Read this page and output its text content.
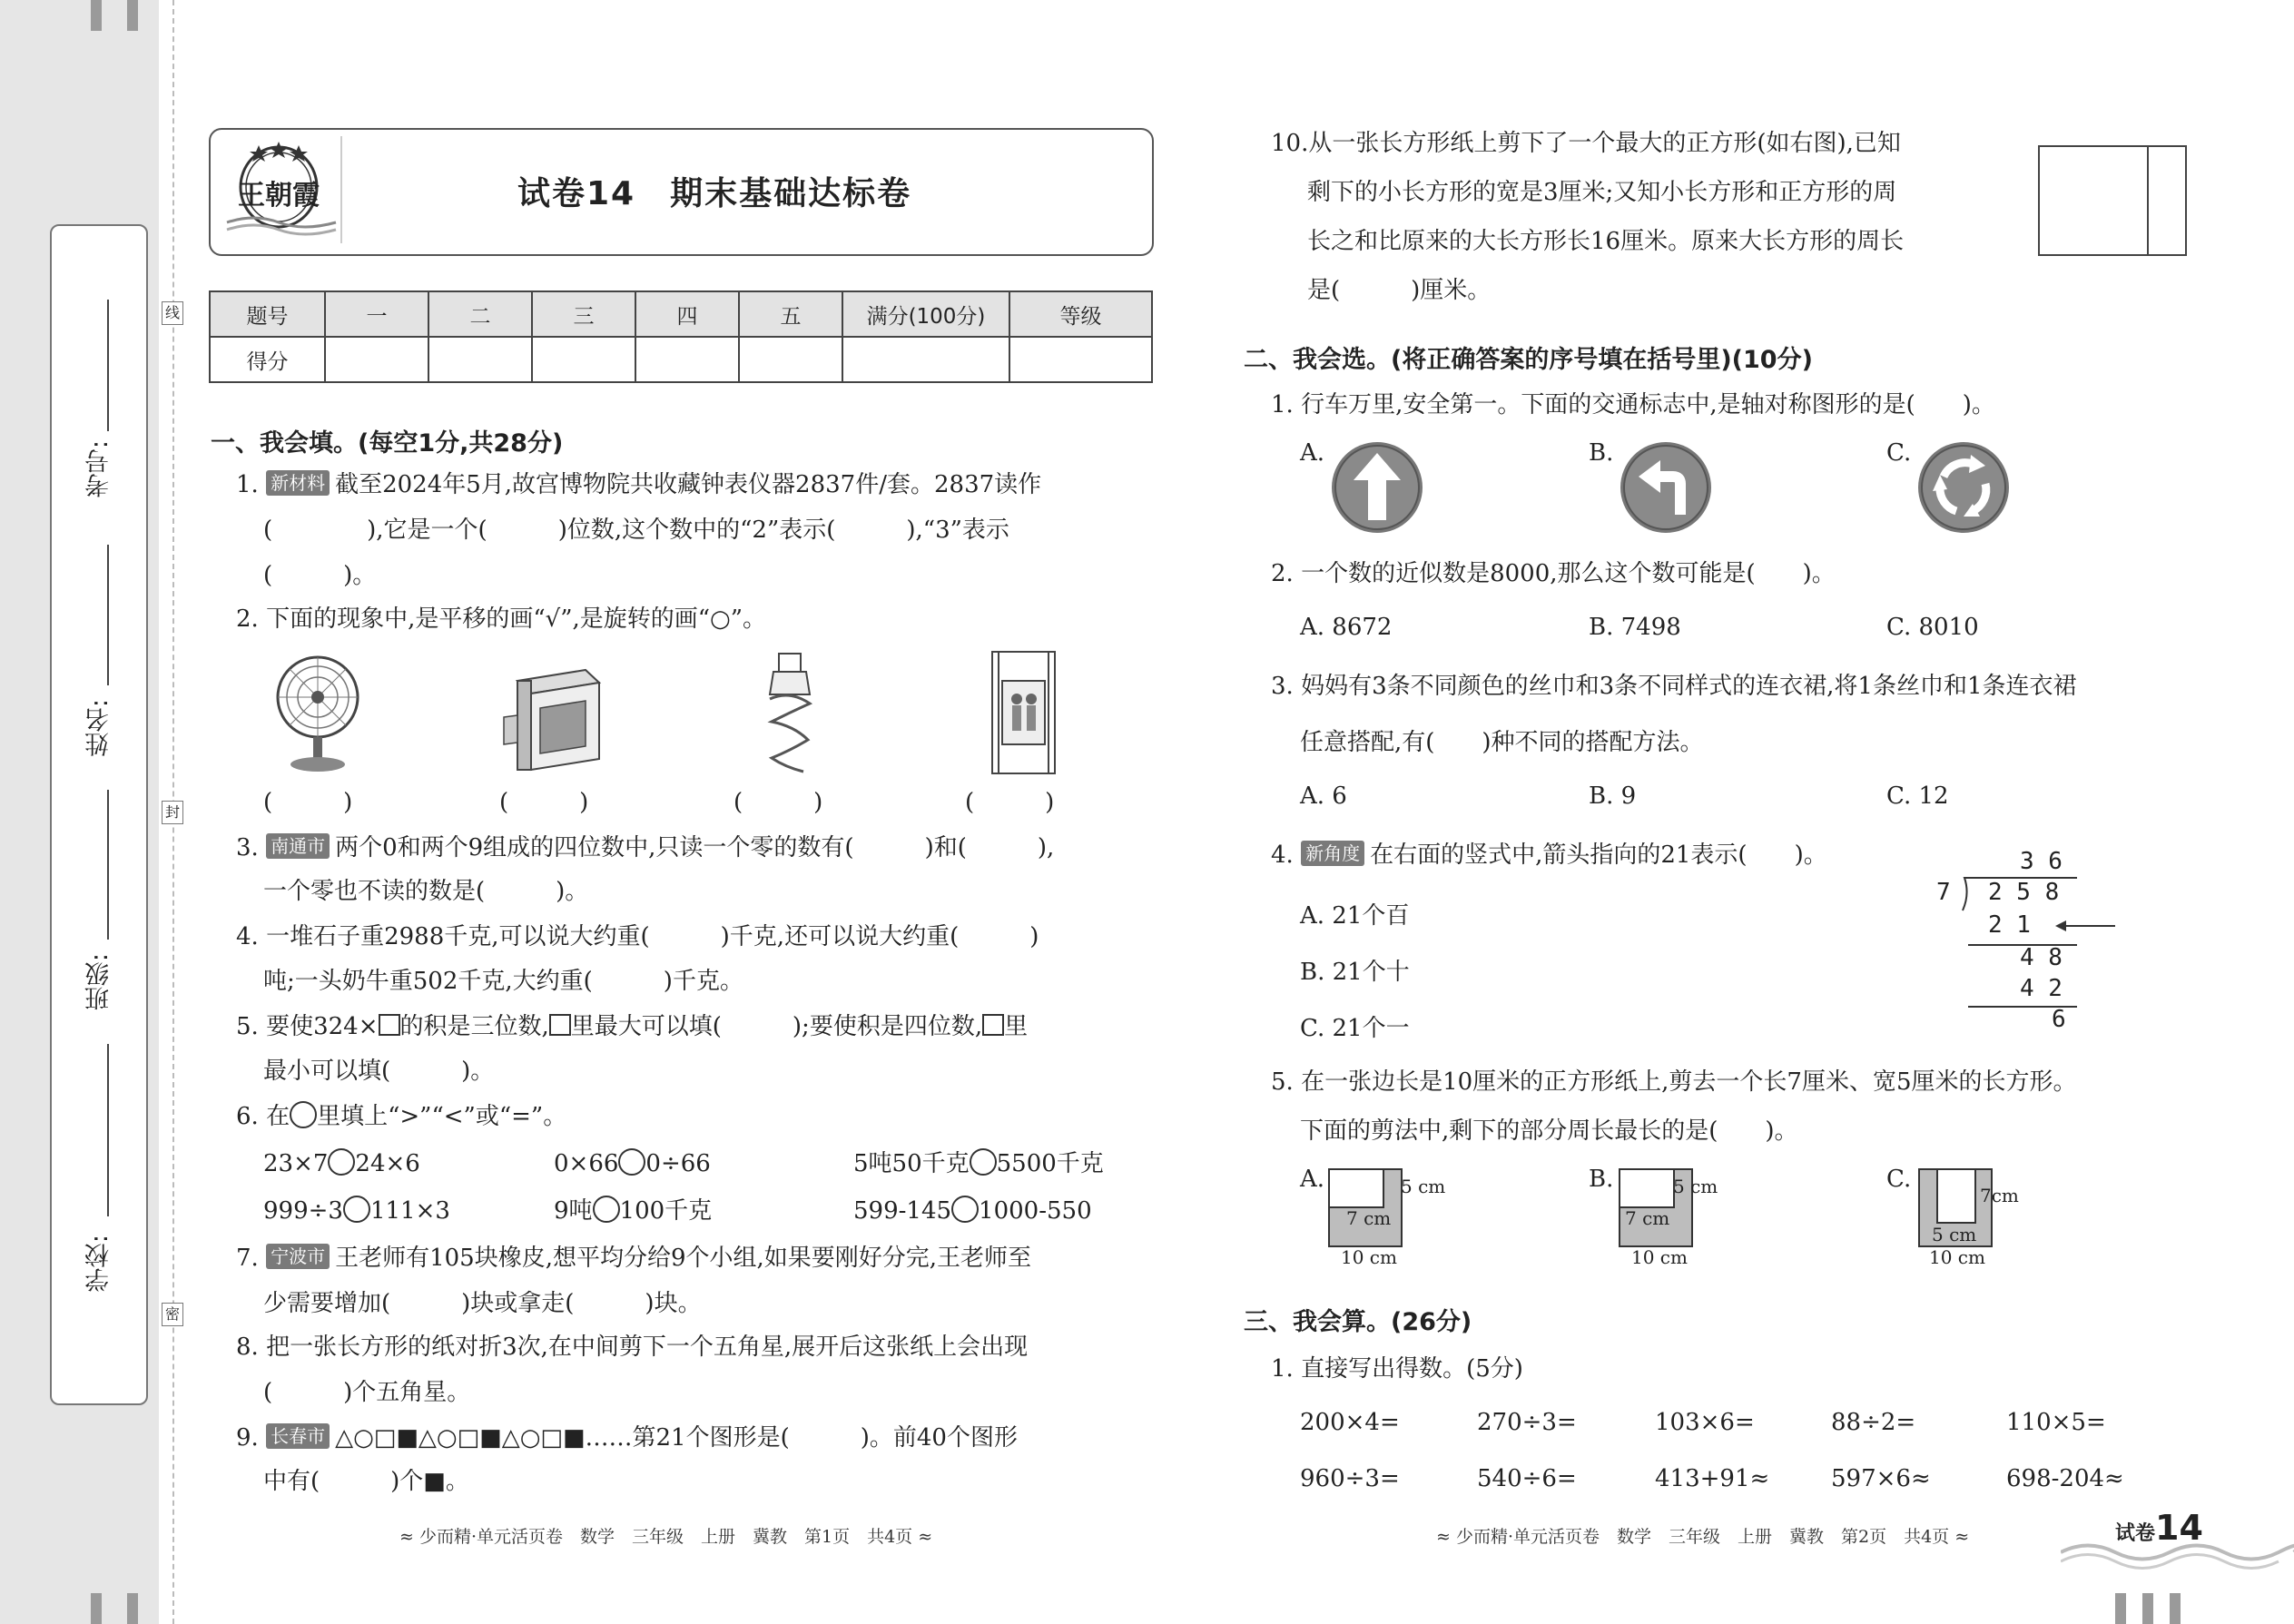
线
封
密
学校:
班级:
姓名:
考号:
王朝霞	试卷14　期末基础达标卷
题号	一	二	三	四	五	满分(100分)	等级
得分							
一、我会填。(每空1分,共28分)
1. 新材料 截至2024年5月,故宫博物院共收藏钟表仪器2837件/套。2837读作
(　　　　),它是一个(　　　)位数,这个数中的“2”表示(　　　),“3”表示
(　　　)。
2. 下面的现象中,是平移的画“√”,是旋转的画“○”。
(　　　)	(　　　)	(　　　)	(　　　)
3. 南通市 两个0和两个9组成的四位数中,只读一个零的数有(　　　)和(　　　),
一个零也不读的数是(　　　)。
4. 一堆石子重2988千克,可以说大约重(　　　)千克,还可以说大约重(　　　)
吨;一头奶牛重502千克,大约重(　　　)千克。
5. 要使324× 的积是三位数, 里最大可以填(　　　);要使积是四位数, 里
最小可以填(　　　)。
6. 在 里填上“>”“<”或“=”。
23×7 24×6	0×66 0÷66	5吨50千克 5500千克
999÷3 111×3	9吨 100千克	599-145 1000-550
7. 宁波市 王老师有105块橡皮,想平均分给9个小组,如果要刚好分完,王老师至
少需要增加(　　　)块或拿走(　　　)块。
8. 把一张长方形的纸对折3次,在中间剪下一个五角星,展开后这张纸上会出现
(　　　)个五角星。
9. 长春市 △○□■△○□■△○□■……第21个图形是(　　　)。前40个图形
中有(　　　)个■。
≈ 少而精·单元活页卷　数学　三年级　上册　冀教　第1页　共4页 ≈
10.从一张长方形纸上剪下了一个最大的正方形(如右图),已知
剩下的小长方形的宽是3厘米;又知小长方形和正方形的周
长之和比原来的大长方形长16厘米。原来大长方形的周长
是(　　　)厘米。
二、我会选。(将正确答案的序号填在括号里)(10分)
1. 行车万里,安全第一。下面的交通标志中,是轴对称图形的是(　　)。
A.	B.	C.
2. 一个数的近似数是8000,那么这个数可能是(　　)。
A. 8672	B. 7498	C. 8010
3. 妈妈有3条不同颜色的丝巾和3条不同样式的连衣裙,将1条丝巾和1条连衣裙
任意搭配,有(　　)种不同的搭配方法。
A. 6	B. 9	C. 12
4. 新角度 在右面的竖式中,箭头指向的21表示(　　)。
A. 21个百
B. 21个十
C. 21个一
3 6
7 2 5 8
2 1
4 8
4 2
6
5. 在一张边长是10厘米的正方形纸上,剪去一个长7厘米、宽5厘米的长方形。
下面的剪法中,剩下的部分周长最长的是(　　)。
A.	5 cm
7 cm
10 cm
B.	5 cm
7 cm
10 cm
C.
7cm
5 cm
10 cm
三、我会算。(26分)
1. 直接写出得数。(5分)
200×4=	270÷3=	103×6=	88÷2=	110×5=
960÷3=	540÷6=	413+91≈	597×6≈	698-204≈
≈ 少而精·单元活页卷　数学　三年级　上册　冀教　第2页　共4页 ≈	试卷14
